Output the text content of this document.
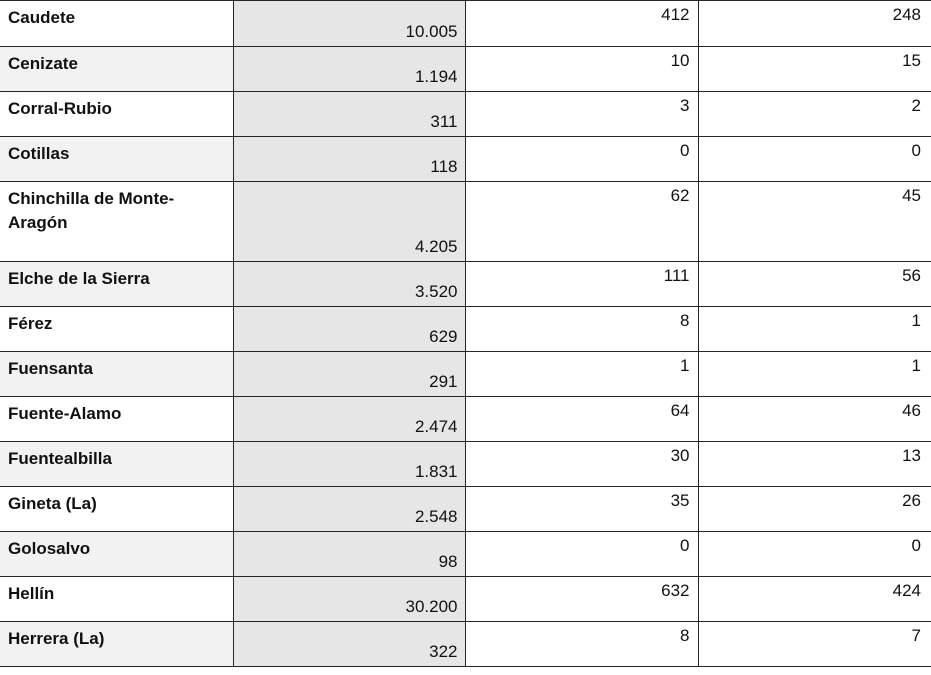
Caudete	10.005	412	248
Cenizate	1.194	10	15
Corral-Rubio	311	3	2
Cotillas	118	0	0
Chinchilla de Monte-
Aragón	4.205	62	45
Elche de la Sierra	3.520	111	56
Férez	629	8	1
Fuensanta	291	1	1
Fuente-Alamo	2.474	64	46
Fuentealbilla	1.831	30	13
Gineta (La)	2.548	35	26
Golosalvo	98	0	0
Hellín	30.200	632	424
Herrera (La)	322	8	7
